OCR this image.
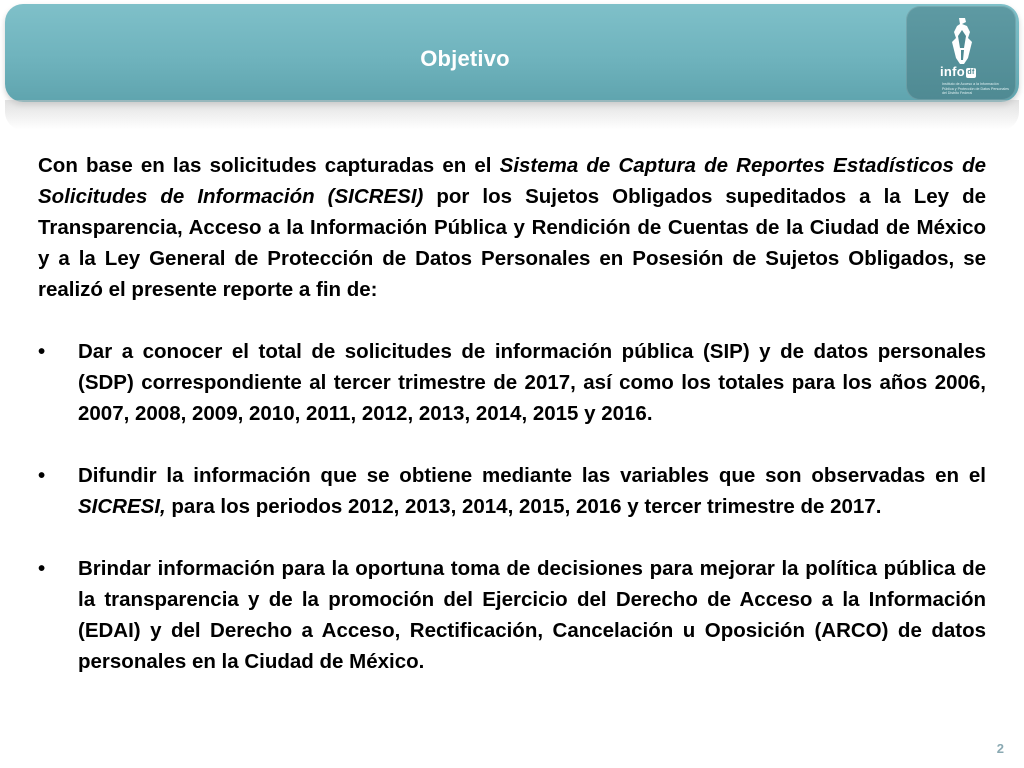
Objetivo
info df
Instituto de Acceso a la Información Pública y Protección de Datos Personales del Distrito Federal

Con base en las solicitudes capturadas en el Sistema de Captura de Reportes Estadísticos de Solicitudes de Información (SICRESI) por los Sujetos Obligados supeditados a la Ley de Transparencia, Acceso a la Información Pública y Rendición de Cuentas de la Ciudad de México y a la Ley General de Protección de Datos Personales en Posesión de Sujetos Obligados, se realizó el presente reporte a fin de:

•	Dar a conocer el total de solicitudes de información pública (SIP) y de datos personales (SDP) correspondiente al tercer trimestre de 2017, así como los totales para los años 2006, 2007, 2008, 2009, 2010, 2011, 2012, 2013, 2014, 2015 y 2016.
•	Difundir la información que se obtiene mediante las variables que son observadas en el SICRESI, para los periodos 2012, 2013, 2014, 2015, 2016 y tercer trimestre de 2017.
•	Brindar información para la oportuna toma de decisiones para mejorar la política pública de la transparencia y de la promoción del Ejercicio del Derecho de Acceso a la Información (EDAI) y del Derecho a Acceso, Rectificación, Cancelación u Oposición (ARCO) de datos personales en la Ciudad de México.
2
